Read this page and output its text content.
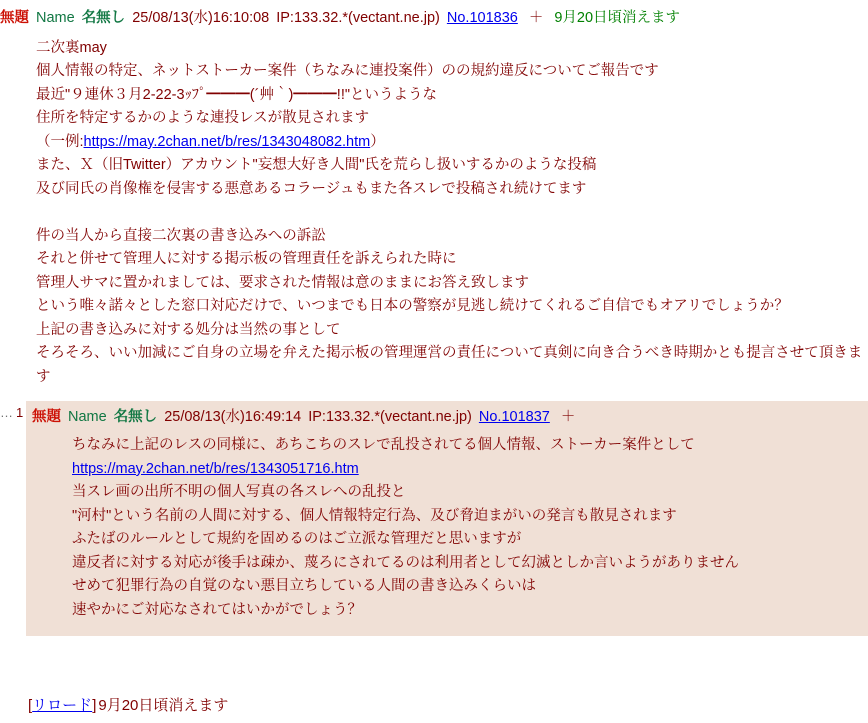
無題 Name 名無し 25/08/13(水)16:10:08 IP:133.32.*(vectant.ne.jp) No.101836 ＋ 9月20日頃消えます
二次裏may
個人情報の特定、ネットストーカー案件（ちなみに連投案件）のの規約違反についてご報告です
最近"９連休３月2-22-3ｯﾌﾟ━━━(´艸｀)━━━!!"というような
住所を特定するかのような連投レスが散見されます
（一例:https://may.2chan.net/b/res/1343048082.htm）
また、Ｘ（旧Twitter）アカウント"妄想大好き人間"氏を荒らし扱いするかのような投稿
及び同氏の肖像権を侵害する悪意あるコラージュもまた各スレで投稿され続けてます
件の当人から直接二次裏の書き込みへの訴訟
それと併せて管理人に対する掲示板の管理責任を訴えられた時に
管理人サマに置かれましては、要求された情報は意のままにお答え致します
という唯々諾々とした窓口対応だけで、いつまでも日本の警察が見逃し続けてくれるご自信でもオアリでしょうか？
上記の書き込みに対する処分は当然の事として
そろそろ、いい加減にご自身の立場を弁えた掲示板の管理運営の責任について真剣に向き合うべき時期かとも提言させて頂きます
… 1 無題 Name 名無し 25/08/13(水)16:49:14 IP:133.32.*(vectant.ne.jp) No.101837 ＋
ちなみに上記のレスの同様に、あちこちのスレで乱投されてる個人情報、ストーカー案件として
https://may.2chan.net/b/res/1343051716.htm
当スレ画の出所不明の個人写真の各スレへの乱投と
"河村"という名前の人間に対する、個人情報特定行為、及び脅迫まがいの発言も散見されます
ふたばのルールとして規約を固めるのはご立派な管理だと思いますが
違反者に対する対応が後手は疎か、蔑ろにされてるのは利用者として幻滅としか言いようがありません
せめて犯罪行為の自覚のない悪目立ちしている人間の書き込みくらいは
速やかにご対応なされてはいかがでしょう？
[リロード] 9月20日頃消えます
